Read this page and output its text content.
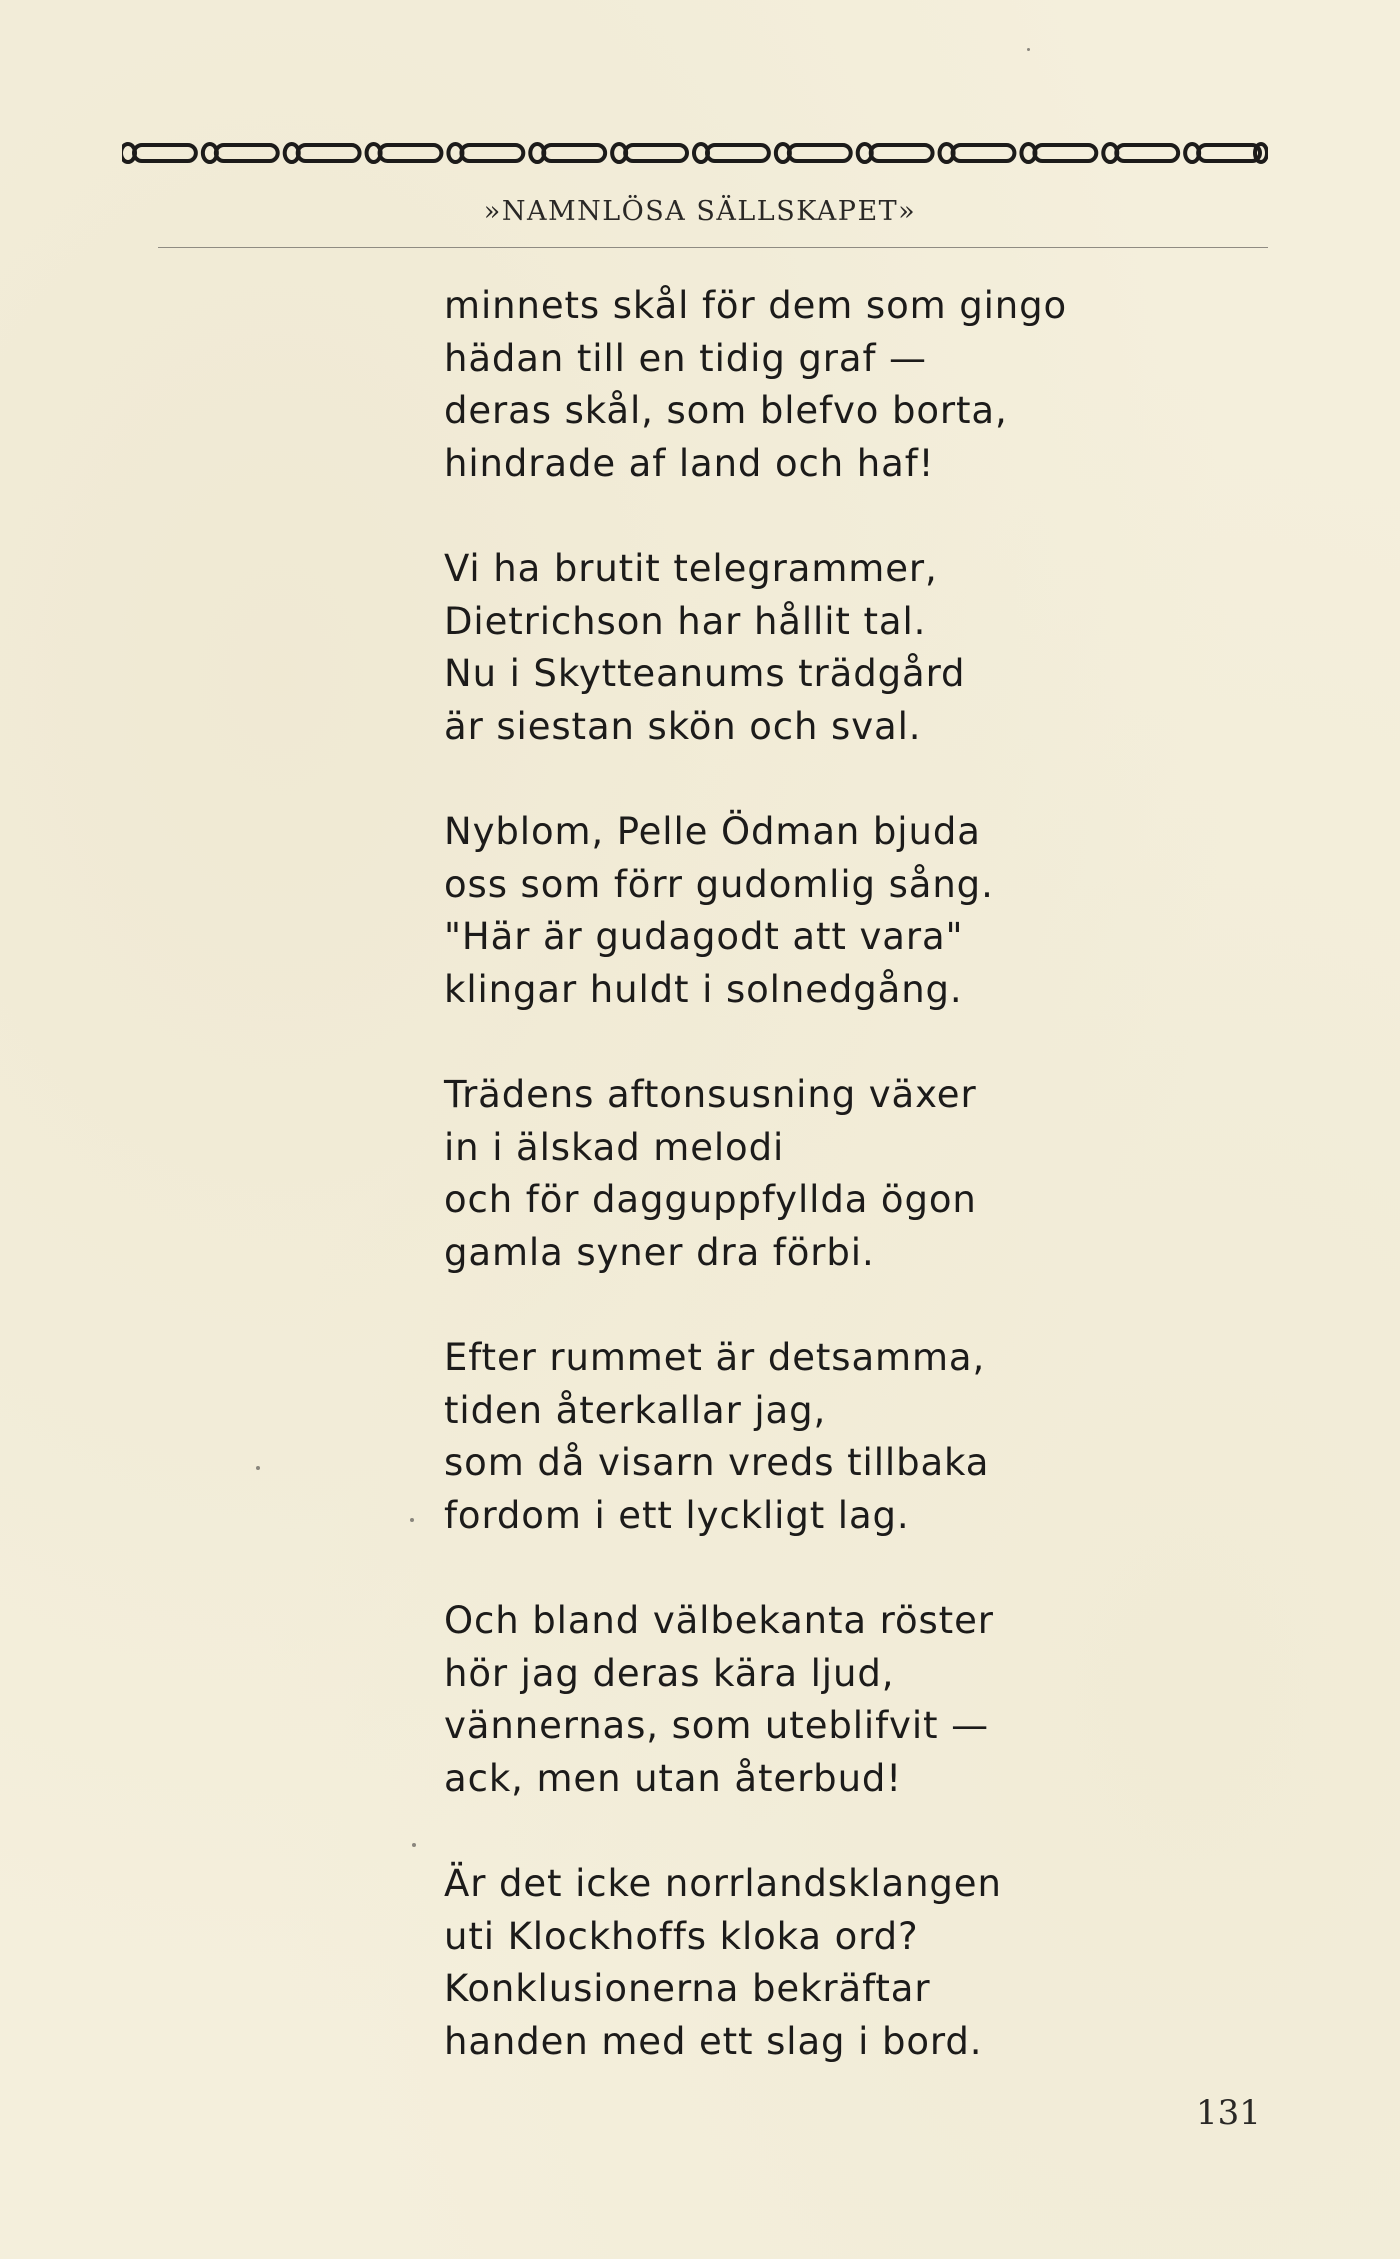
»NAMNLÖSA SÄLLSKAPET»
minnets skål för dem som gingo
hädan till en tidig graf —
deras skål, som blefvo borta,
hindrade af land och haf!
Vi ha brutit telegrammer,
Dietrichson har hållit tal.
Nu i Skytteanums trädgård
är siestan skön och sval.
Nyblom, Pelle Ödman bjuda
oss som förr gudomlig sång.
"Här är gudagodt att vara"
klingar huldt i solnedgång.
Trädens aftonsusning växer
in i älskad melodi
och för dagguppfyllda ögon
gamla syner dra förbi.
Efter rummet är detsamma,
tiden återkallar jag,
som då visarn vreds tillbaka
fordom i ett lyckligt lag.
Och bland välbekanta röster
hör jag deras kära ljud,
vännernas, som uteblifvit —
ack, men utan återbud!
Är det icke norrlandsklangen
uti Klockhoffs kloka ord?
Konklusionerna bekräftar
handen med ett slag i bord.
131
